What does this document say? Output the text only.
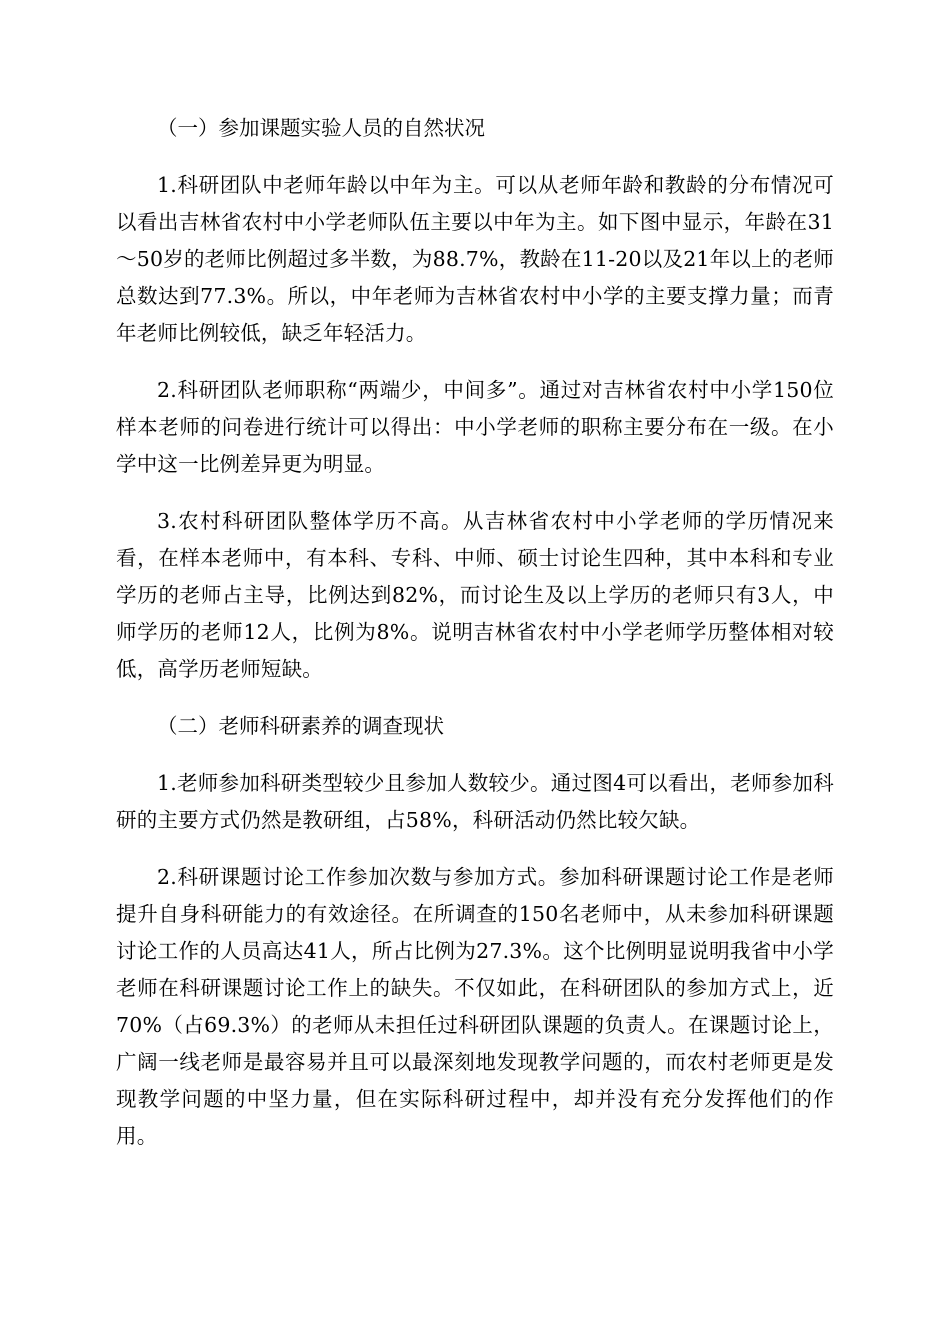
（一）参加课题实验人员的自然状况

1.科研团队中老师年龄以中年为主。可以从老师年龄和教龄的分布情况可以看出吉林省农村中小学老师队伍主要以中年为主。如下图中显示，年龄在31～50岁的老师比例超过多半数，为88.7%，教龄在11-20以及21年以上的老师总数达到77.3%。所以，中年老师为吉林省农村中小学的主要支撑力量；而青年老师比例较低，缺乏年轻活力。

2.科研团队老师职称“两端少，中间多”。通过对吉林省农村中小学150位样本老师的问卷进行统计可以得出：中小学老师的职称主要分布在一级。在小学中这一比例差异更为明显。

3.农村科研团队整体学历不高。从吉林省农村中小学老师的学历情况来看，在样本老师中，有本科、专科、中师、硕士讨论生四种，其中本科和专业学历的老师占主导，比例达到82%，而讨论生及以上学历的老师只有3人，中师学历的老师12人，比例为8%。说明吉林省农村中小学老师学历整体相对较低，高学历老师短缺。

（二）老师科研素养的调查现状

1.老师参加科研类型较少且参加人数较少。通过图4可以看出，老师参加科研的主要方式仍然是教研组，占58%，科研活动仍然比较欠缺。

2.科研课题讨论工作参加次数与参加方式。参加科研课题讨论工作是老师提升自身科研能力的有效途径。在所调查的150名老师中，从未参加科研课题讨论工作的人员高达41人，所占比例为27.3%。这个比例明显说明我省中小学老师在科研课题讨论工作上的缺失。不仅如此，在科研团队的参加方式上，近70%（占69.3%）的老师从未担任过科研团队课题的负责人。在课题讨论上，广阔一线老师是最容易并且可以最深刻地发现教学问题的，而农村老师更是发现教学问题的中坚力量，但在实际科研过程中，却并没有充分发挥他们的作用。
